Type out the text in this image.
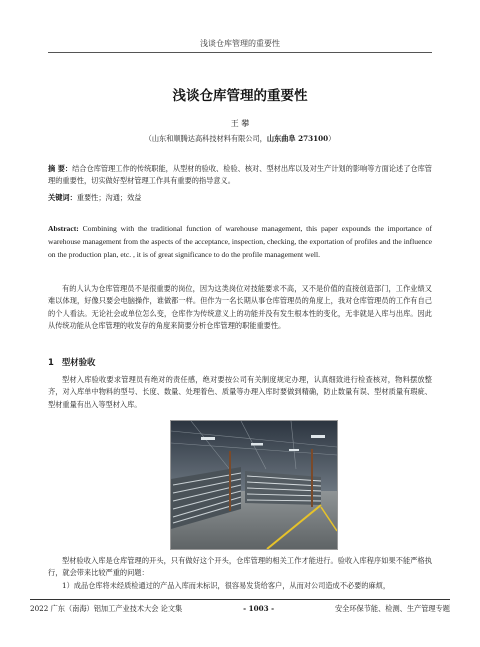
浅谈仓库管理的重要性
浅谈仓库管理的重要性
王 攀
（山东和顺腾达高科技材料有限公司，山东曲阜 273100）
摘 要：结合仓库管理工作的传统职能，从型材的验收、检验、核对、型材出库以及对生产计划的影响等方面论述了仓库管理的重要性，切实做好型材管理工作具有重要的指导意义。
关键词：重要性；沟通；效益
Abstract: Combining with the traditional function of warehouse management, this paper expounds the importance of warehouse management from the aspects of the acceptance, inspection, checking, the exportation of profiles and the influence on the production plan, etc. , it is of great significance to do the profile management well.
有的人认为仓库管理员不是很重要的岗位，因为这类岗位对技能要求不高，又不是价值的直接创造部门，工作业绩又难以体现，好像只要会电脑操作，谁做都一样。但作为一名长期从事仓库管理员的角度上，我对仓库管理员的工作有自己的个人看法。无论社会或单位怎么变，仓库作为传统意义上的功能并没有发生根本性的变化，无非就是入库与出库。因此从传统功能从仓库管理的收发存的角度来简要分析仓库管理的职能重要性。
1 型材验收
型材入库验收要求管理员有绝对的责任感，绝对要按公司有关制度规定办理，认真细致进行检查核对，物料摆放整齐，对入库单中物料的型号、长度、数量、处理着色、质量等办理入库时要做到精确，防止数量有误、型材质量有瑕疵、型材重量有出入等型材入库。
型材验收入库是仓库管理的开头，只有做好这个开头，仓库管理的相关工作才能进行。验收入库程序如果不能严格执行，就会带来比较严重的问题：
1）成品仓库将未经质检通过的产品入库而未标识，很容易发货给客户，从而对公司造成不必要的麻烦，
2022 广东（南海）铝加工产业技术大会 论文集	- 1003 -	安全环保节能、检测、生产管理专题
